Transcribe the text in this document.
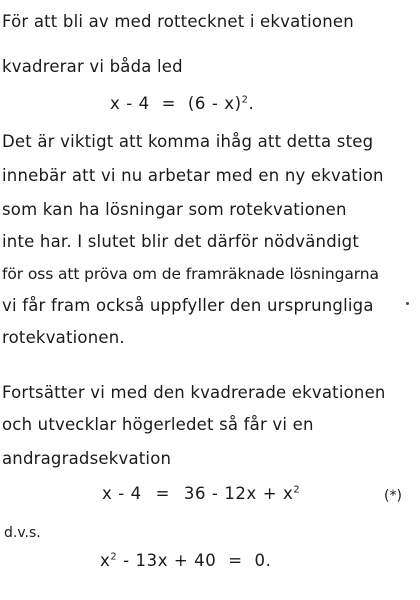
För att bli av med rottecknet i ekvationen
kvadrerar vi båda led
x - 4 = (6 - x)$^2$.
Det är viktigt att komma ihåg att detta steg
innebär att vi nu arbetar med en ny ekvation
som kan ha lösningar som rotekvationen
inte har. I slutet blir det därför nödvändigt
för oss att pröva om de framräknade lösningarna
vi får fram också uppfyller den ursprungliga
rotekvationen.
Fortsätter vi med den kvadrerade ekvationen
och utvecklar högerledet så får vi en
andragradsekvation
$x - 4 = 36 - 12x + x^2$	(*)
d.v.s.
$x^2 - 13x + 40 = 0$.
